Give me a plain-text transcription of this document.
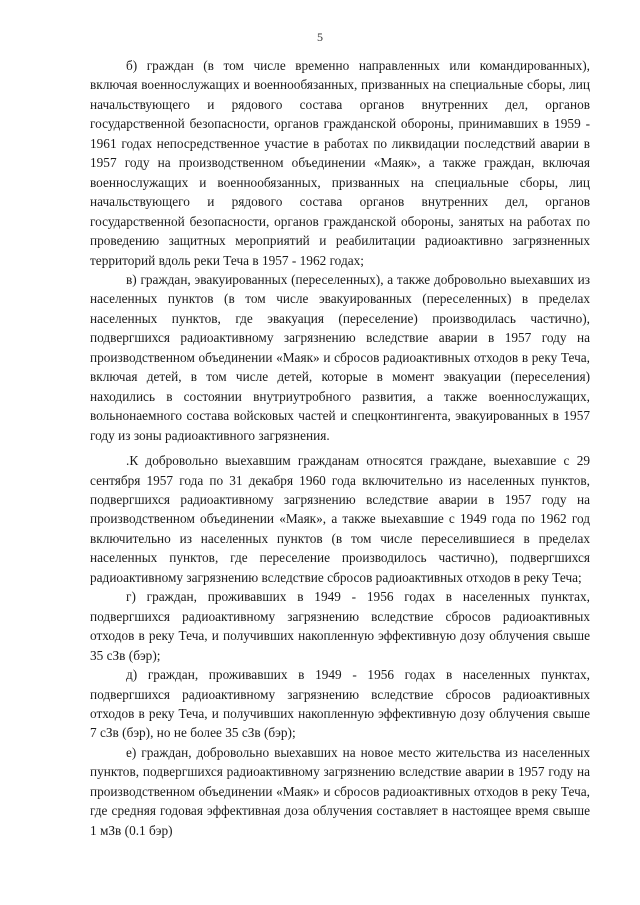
5

б) граждан (в том числе временно направленных или командированных), включая военнослужащих и военнообязанных, призванных на специальные сборы, лиц начальствующего и рядового состава органов внутренних дел, органов государственной безопасности, органов гражданской обороны, принимавших в 1959 - 1961 годах непосредственное участие в работах по ликвидации последствий аварии в 1957 году на производственном объединении «Маяк», а также граждан, включая военнослужащих и военнообязанных, призванных на специальные сборы, лиц начальствующего и рядового состава органов внутренних дел, органов государственной безопасности, органов гражданской обороны, занятых на работах по проведению защитных мероприятий и реабилитации радиоактивно загрязненных территорий вдоль реки Теча в 1957 - 1962 годах;

в) граждан, эвакуированных (переселенных), а также добровольно выехавших из населенных пунктов (в том числе эвакуированных (переселенных) в пределах населенных пунктов, где эвакуация (переселение) производилась частично), подвергшихся радиоактивному загрязнению вследствие аварии в 1957 году на производственном объединении «Маяк» и сбросов радиоактивных отходов в реку Теча, включая детей, в том числе детей, которые в момент эвакуации (переселения) находились в состоянии внутриутробного развития, а также военнослужащих, вольнонаемного состава войсковых частей и спецконтингента, эвакуированных в 1957 году из зоны радиоактивного загрязнения.

.К добровольно выехавшим гражданам относятся граждане, выехавшие с 29 сентября 1957 года по 31 декабря 1960 года включительно из населенных пунктов, подвергшихся радиоактивному загрязнению вследствие аварии в 1957 году на производственном объединении «Маяк», а также выехавшие с 1949 года по 1962 год включительно из населенных пунктов (в том числе переселившиеся в пределах населенных пунктов, где переселение производилось частично), подвергшихся радиоактивному загрязнению вследствие сбросов радиоактивных отходов в реку Теча;

г) граждан, проживавших в 1949 - 1956 годах в населенных пунктах, подвергшихся радиоактивному загрязнению вследствие сбросов радиоактивных отходов в реку Теча, и получивших накопленную эффективную дозу облучения свыше 35 сЗв (бэр);

д) граждан, проживавших в 1949 - 1956 годах в населенных пунктах, подвергшихся радиоактивному загрязнению вследствие сбросов радиоактивных отходов в реку Теча, и получивших накопленную эффективную дозу облучения свыше 7 сЗв (бэр), но не более 35 сЗв (бэр);

е) граждан, добровольно выехавших на новое место жительства из населенных пунктов, подвергшихся радиоактивному загрязнению вследствие аварии в 1957 году на производственном объединении «Маяк» и сбросов радиоактивных отходов в реку Теча, где средняя годовая эффективная доза облучения составляет в настоящее время свыше 1 мЗв (0.1 бэр)
